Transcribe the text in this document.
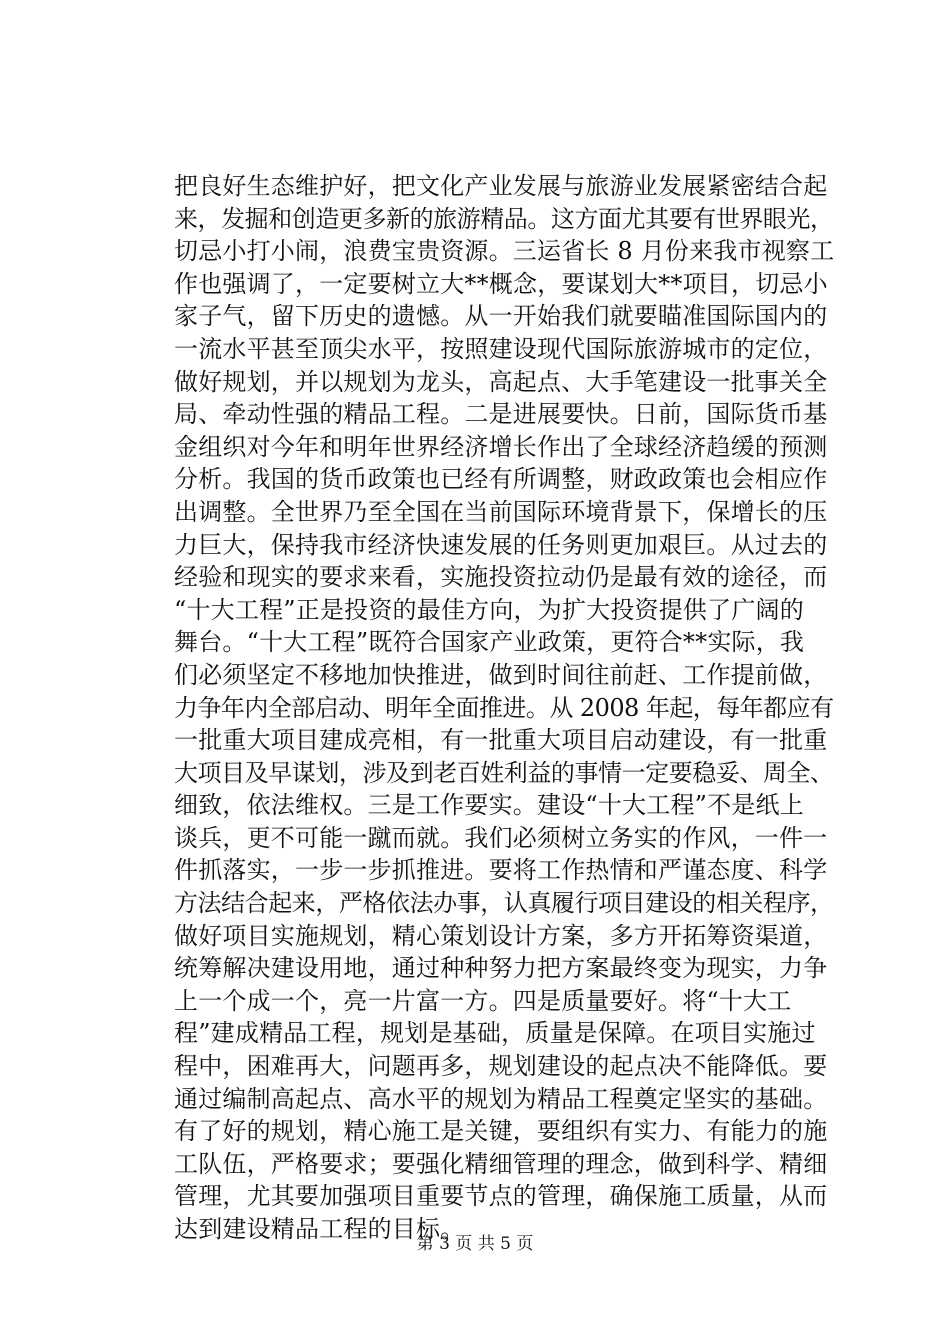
把良好生态维护好，把文化产业发展与旅游业发展紧密结合起
来，发掘和创造更多新的旅游精品。这方面尤其要有世界眼光，
切忌小打小闹，浪费宝贵资源。三运省长 8 月份来我市视察工
作也强调了，一定要树立大**概念，要谋划大**项目，切忌小
家子气，留下历史的遗憾。从一开始我们就要瞄准国际国内的
一流水平甚至顶尖水平，按照建设现代国际旅游城市的定位，
做好规划，并以规划为龙头，高起点、大手笔建设一批事关全
局、牵动性强的精品工程。二是进展要快。日前，国际货币基
金组织对今年和明年世界经济增长作出了全球经济趋缓的预测
分析。我国的货币政策也已经有所调整，财政政策也会相应作
出调整。全世界乃至全国在当前国际环境背景下，保增长的压
力巨大，保持我市经济快速发展的任务则更加艰巨。从过去的
经验和现实的要求来看，实施投资拉动仍是最有效的途径，而
“十大工程”正是投资的最佳方向，为扩大投资提供了广阔的
舞台。“十大工程”既符合国家产业政策，更符合**实际，我
们必须坚定不移地加快推进，做到时间往前赶、工作提前做，
力争年内全部启动、明年全面推进。从 2008 年起，每年都应有
一批重大项目建成亮相，有一批重大项目启动建设，有一批重
大项目及早谋划，涉及到老百姓利益的事情一定要稳妥、周全、
细致，依法维权。三是工作要实。建设“十大工程”不是纸上
谈兵，更不可能一蹴而就。我们必须树立务实的作风，一件一
件抓落实，一步一步抓推进。要将工作热情和严谨态度、科学
方法结合起来，严格依法办事，认真履行项目建设的相关程序，
做好项目实施规划，精心策划设计方案，多方开拓筹资渠道，
统筹解决建设用地，通过种种努力把方案最终变为现实，力争
上一个成一个，亮一片富一方。四是质量要好。将“十大工
程”建成精品工程，规划是基础，质量是保障。在项目实施过
程中，困难再大，问题再多，规划建设的起点决不能降低。要
通过编制高起点、高水平的规划为精品工程奠定坚实的基础。
有了好的规划，精心施工是关键，要组织有实力、有能力的施
工队伍，严格要求；要强化精细管理的理念，做到科学、精细
管理，尤其要加强项目重要节点的管理，确保施工质量，从而
达到建设精品工程的目标。
第 3 页 共 5 页
